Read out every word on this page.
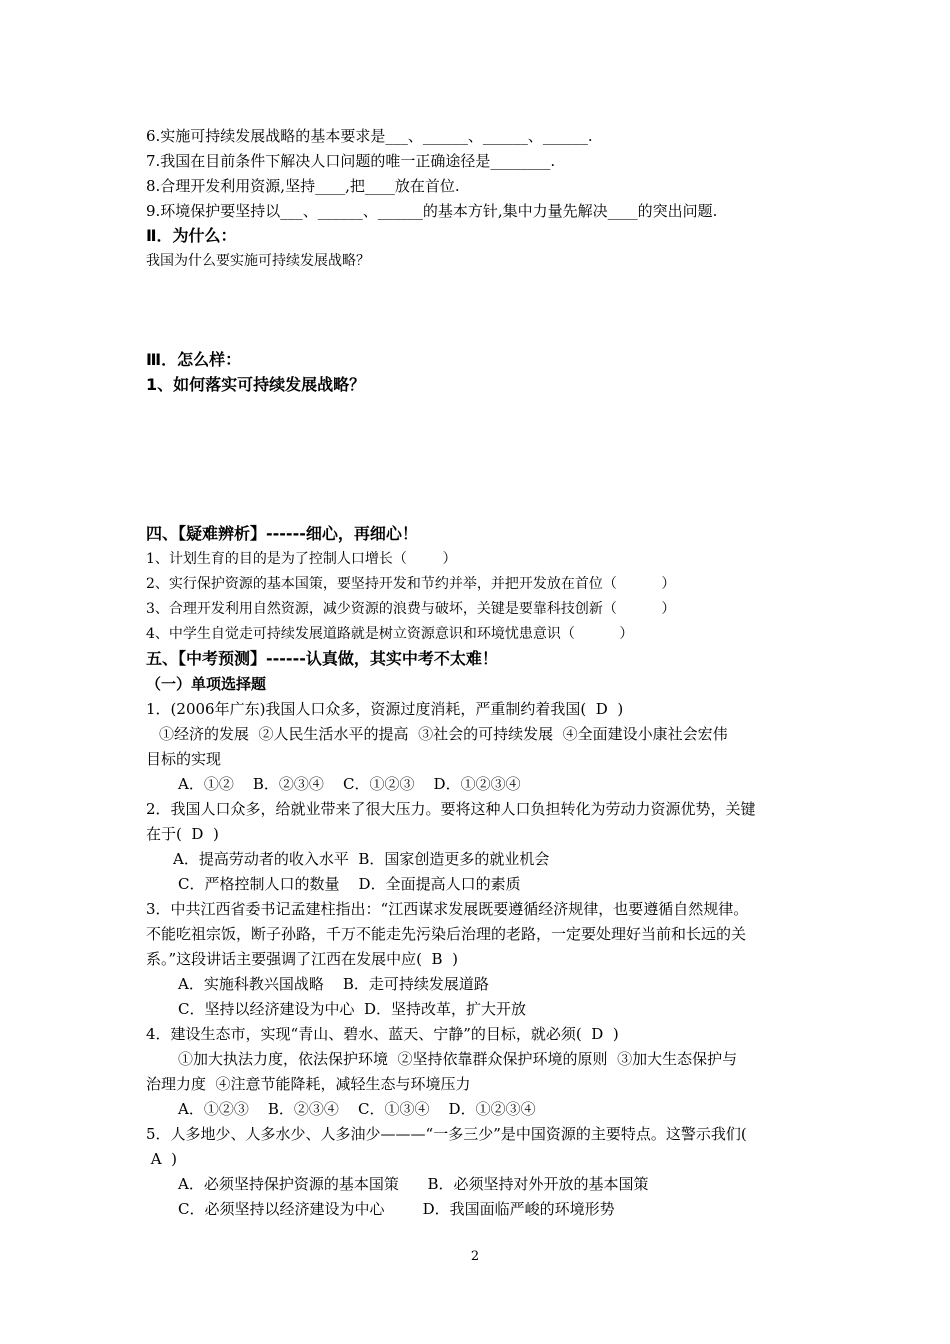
6.实施可持续发展战略的基本要求是___、______、______、______.
7.我国在目前条件下解决人口问题的唯一正确途径是________.
8.合理开发利用资源,坚持____,把____放在首位.
9.环境保护要坚持以___、______、______的基本方针,集中力量先解决____的突出问题.
Ⅱ．为什么：
我国为什么要实施可持续发展战略？
Ⅲ．怎么样：
1、如何落实可持续发展战略？
四、【疑难辨析】------细心，再细心！
1、计划生育的目的是为了控制人口增长（        ）
2、实行保护资源的基本国策，要坚持开发和节约并举，并把开发放在首位（          ）
3、合理开发利用自然资源，减少资源的浪费与破坏，关键是要靠科技创新（          ）
4、中学生自觉走可持续发展道路就是树立资源意识和环境忧患意识（          ）
五、【中考预测】------认真做，其实中考不太难！
（一）单项选择题
1．(2006年广东)我国人口众多，资源过度消耗，严重制约着我国(  D  )
①经济的发展  ②人民生活水平的提高  ③社会的可持续发展  ④全面建设小康社会宏伟
目标的实现
A．①②    B．②③④    C．①②③    D．①②③④
2．我国人口众多，给就业带来了很大压力。要将这种人口负担转化为劳动力资源优势，关键
在于(  D  )
A．提高劳动者的收入水平  B．国家创造更多的就业机会
C．严格控制人口的数量    D．全面提高人口的素质
3．中共江西省委书记孟建柱指出：“江西谋求发展既要遵循经济规律，也要遵循自然规律。
不能吃祖宗饭，断子孙路，千万不能走先污染后治理的老路，一定要处理好当前和长远的关
系。”这段讲话主要强调了江西在发展中应(  B  )
A．实施科教兴国战略    B．走可持续发展道路
C．坚持以经济建设为中心  D．坚持改革，扩大开放
4．建设生态市，实现“青山、碧水、蓝天、宁静”的目标，就必须(  D  )
①加大执法力度，依法保护环境  ②坚持依靠群众保护环境的原则  ③加大生态保护与
治理力度  ④注意节能降耗，减轻生态与环境压力
A．①②③    B．②③④    C．①③④    D．①②③④
5．人多地少、人多水少、人多油少———“一多三少”是中国资源的主要特点。这警示我们(
A  )
A．必须坚持保护资源的基本国策      B．必须坚持对外开放的基本国策
C．必须坚持以经济建设为中心        D．我国面临严峻的环境形势
2
